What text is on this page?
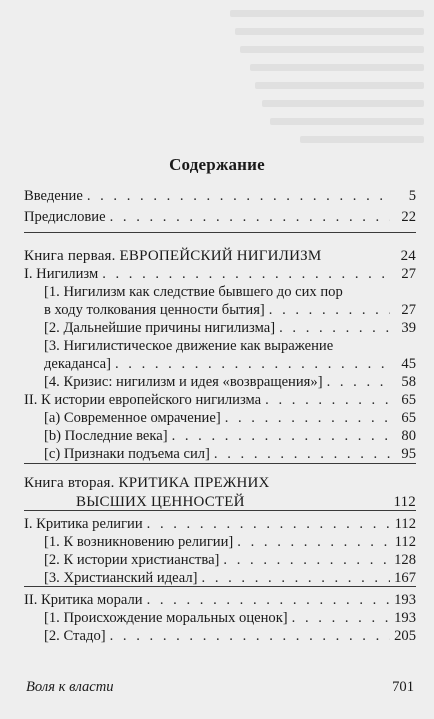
Содержание
Введение . . .	5
Предисловие . . .	22
Книга первая. ЕВРОПЕЙСКИЙ НИГИЛИЗМ	24
I. Нигилизм . . .	27
[1. Нигилизм как следствие бывшего до сих пор
в ходу толкования ценности бытия] . . .	27
[2. Дальнейшие причины нигилизма] . . .	39
[3. Нигилистическое движение как выражение
декаданса] . . .	45
[4. Кризис: нигилизм и идея «возвращения»] . . .	58
II. К истории европейского нигилизма . . .	65
[а) Современное омрачение] . . .	65
[b) Последние века] . . .	80
[с) Признаки подъема сил] . . .	95
Книга вторая. КРИТИКА ПРЕЖНИХ
ВЫСШИХ ЦЕННОСТЕЙ	112
I. Критика религии . . .	112
[1. К возникновению религии] . . .	112
[2. К истории христианства] . . .	128
[3. Христианский идеал] . . .	167
II. Критика морали . . .	193
[1. Происхождение моральных оценок] . . .	193
[2. Стадо] . . .	205
Воля к власти	701
